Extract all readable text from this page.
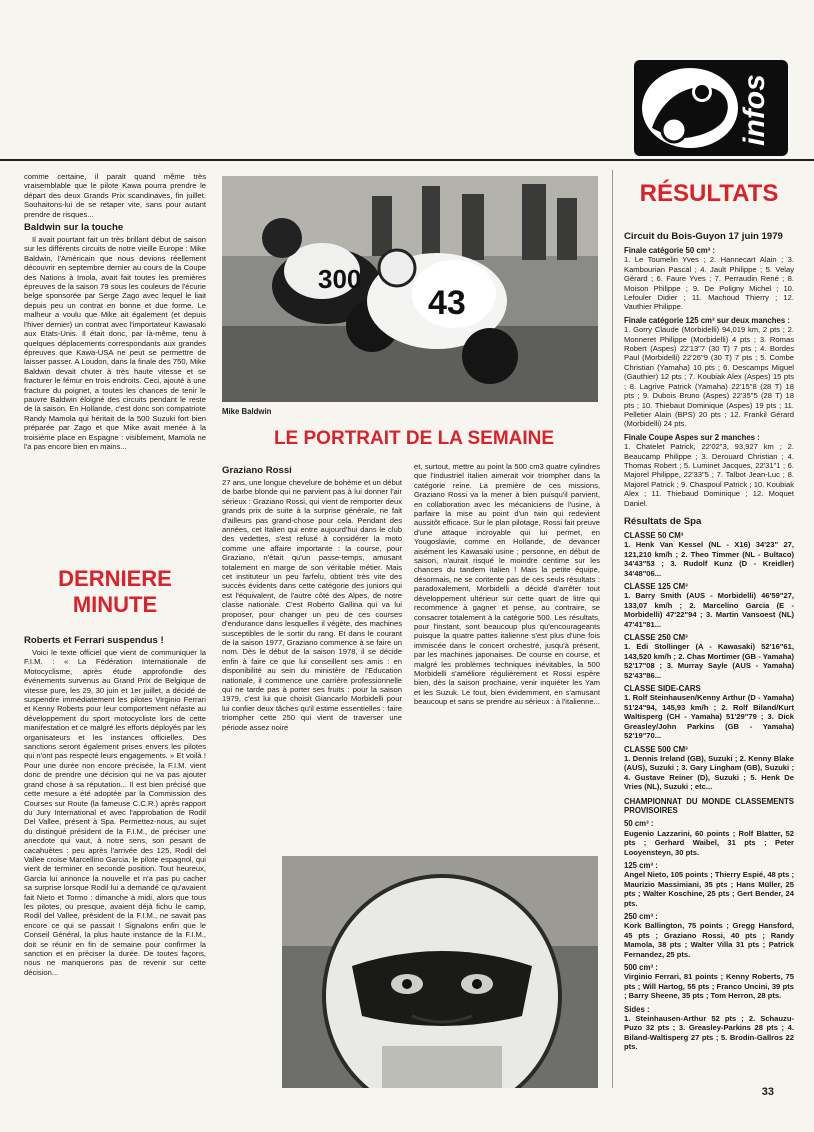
infos

comme certaine, il parait quand même très vraisemblable que le pilote Kawa pourra prendre le départ des deux Grands Prix scandinaves, fin juillet. Souhaitons-lui de se retaper vite, sans pour autant prendre de risques...

Baldwin sur la touche

Il avait pourtant fait un très brillant début de saison sur les différents circuits de notre vieille Europe : Mike Baldwin, l'Américain que nous devions réellement découvrir en septembre dernier au cours de la Coupe des Nations à Imola, avait fait toutes les premières épreuves de la saison 79 sous les couleurs de l'écurie belge sponsorée par Serge Zago avec lequel le liait depuis peu un contrat en bonne et due forme. Le malheur a voulu que Mike ait également (et depuis l'hiver dernier) un contrat avec l'importateur Kawasaki aux Etats-Unis. Il était donc, par là-même, tenu à quelques déplacements correspondants aux grandes épreuves que Kawa-USA ne peut se permettre de laisser passer. A Loudon, dans la finale des 750, Mike Baldwin devait chuter à très haute vitesse et se fracturer le fémur en trois endroits. Ceci, ajouté à une fracture du poignet, a toutes les chances de tenir le pauvre Baldwin éloigné des circuits pendant le reste de la saison. En Hollande, c'est donc son compatriote Randy Mamola qui héritait de la 500 Suzuki fort bien préparée par Zago et que Mike avait menée à la troisième place en Espagne : visiblement, Mamola ne l'a pas encore bien en mains...

DERNIERE MINUTE
Roberts et Ferrari suspendus !

Voici le texte officiel que vient de communiquer la F.I.M. : « La Fédération Internationale de Motocyclisme, après étude approfondie des événements survenus au Grand Prix de Belgique de vitesse pure, les 29, 30 juin et 1er juillet, a décidé de suspendre immédiatement les pilotes Virginio Ferrari et Kenny Roberts pour leur comportement néfaste au développement du sport motocycliste lors de cette manifestation et ce malgré les efforts déployés par les organisateurs et les instances officielles. Des sanctions seront également prises envers les pilotes qui n'ont pas respecté leurs engagements. » Et voilà ! Pour une durée non encore précisée, la F.I.M. vient donc de prendre une décision qui ne va pas ajouter grand chose à sa réputation... Il est bien précisé que cette mesure a été adoptée par la Commission des Courses sur Route (la fameuse C.C.R.) après rapport du Jury International et avec l'approbation de Rodil Del Vallee, présent à Spa. Permettez-nous, au sujet du distingué président de la F.I.M., de préciser une anecdote qui vaut, à notre sens, son pesant de cacahuètes : peu après l'arrivée des 125, Rodil del Vallee croise Marcellino Garcia, le pilote espagnol, qui vient de terminer en seconde position. Tout heureux, Garcia lui annonce la nouvelle et n'a pas pu cacher sa surprise lorsque Rodil lui a demandé ce qu'avaient fait Nieto et Tormo : dimanche à midi, alors que tous les pilotes, ou presque, avaient déjà fichu le camp, Rodil del Vallee, président de la F.I.M., ne savait pas encore ce qui se passait ! Signalons enfin que le Conseil Général, la plus haute instance de la F.I.M., doit se réunir en fin de semaine pour confirmer la sanction et en préciser la durée. De toutes façons, nous ne manquerons pas de revenir sur cette décision...

300
43
Mike Baldwin
LE PORTRAIT DE LA SEMAINE
Graziano Rossi

27 ans, une longue chevelure de bohème et un début de barbe blonde qui ne parvient pas à lui donner l'air sérieux : Graziano Rossi, qui vient de remporter deux grands prix de suite à la surprise générale, ne fait d'ailleurs pas grand-chose pour cela. Pendant des années, cet Italien qui entre aujourd'hui dans le club des vedettes, s'est refusé à considérer la moto comme une affaire importante : la course, pour Graziano, n'était qu'un passe-temps, amusant totalement en marge de son véritable métier. Mais cet instituteur un peu farfelu, obtient très vite des succès évidents dans cette catégorie des juniors qui est l'équivalent, de l'autre côté des Alpes, de notre classe nationale. C'est Roberto Gallina qui va lui proposer, pour changer un peu de ces courses d'endurance dans lesquelles il végète, des machines susceptibles de le sortir du rang. Et dans le courant de la saison 1977, Graziano commence à se faire un nom. Dès le début de la saison 1978, il se décide enfin à faire ce que lui conseillent ses amis : en disponibilité au sein du ministère de l'Education nationale, il commence une carrière professionnelle qui ne tarde pas à porter ses fruits : pour la saison 1979, c'est lui que choisit Giancarlo Morbidelli pour lui confier deux tâches qu'il estime essentielles : faire triompher cette 250 qui vient de traverser une période assez noire

et, surtout, mettre au point la 500 cm3 quatre cylindres que l'industriel italien aimerait voir triompher dans la catégorie reine. La première de ces missions, Graziano Rossi va la mener à bien puisqu'il parvient, en collaboration avec les mécaniciens de l'usine, à parfaire la mise au point d'un twin qui redevient aussitôt efficace. Sur le plan pilotage, Rossi fait preuve d'une attaque incroyable qui lui permet, en Yougoslavie, comme en Hollande, de devancer aisément les Kawasaki usine ; personne, en début de saison, n'aurait risqué le moindre centime sur les chances du tandem italien ! Mais la petite équipe, désormais, ne se contente pas de ces seuls résultats : paradoxalement, Morbidelli a décidé d'arrêter tout développement ultérieur sur cette quart de litre qui recommence à gagner et pense, au contraire, se consacrer totalement à la catégorie 500. Les résultats, pour l'instant, sont beaucoup plus qu'encourageants puisque la quatre pattes italienne s'est plus d'une fois immiscée dans le concert orchestré, jusqu'à présent, par les machines japonaises. De course en course, et malgré les problèmes techniques inévitables, la 500 Morbidelli s'améliore régulièrement et Rossi espère bien, dès la saison prochaine, venir inquiéter les Yam et les Suzuk. Le tout, bien évidemment, en s'amusant beaucoup et sans se prendre au sérieux : à l'italienne...

RÉSULTATS
Circuit du Bois-Guyon 17 juin 1979
Finale catégorie 50 cm³ :

1. Le Toumelin Yves ; 2. Hannecart Alain ; 3. Kambourian Pascal ; 4. Jault Philippe ; 5. Velay Gérard ; 6. Faure Yves ; 7. Perraudin René ; 8. Moison Philippe ; 9. De Poligny Michel ; 10. Lefouler Didier ; 11. Machoud Thierry ; 12. Vauthier Philippe.

Finale catégorie 125 cm³ sur deux manches :

1. Gorry Claude (Morbidelli) 94,019 km, 2 pts ; 2. Monneret Philippe (Morbidelli) 4 pts ; 3. Romas Robert (Aspes) 22'13"7 (30 T) 7 pts ; 4. Bordes Paul (Morbidelli) 22'26"9 (30 T) 7 pts ; 5. Combe Christian (Yamaha) 10 pts ; 6. Descamps Miguel (Gauthier) 12 pts ; 7. Koubiak Alex (Aspes) 15 pts ; 8. Lagrive Patrick (Yamaha) 22'15"8 (28 T) 18 pts ; 9. Dubois Bruno (Aspes) 22'35"5 (28 T) 18 pts ; 10. Thiebaut Dominique (Aspes) 19 pts ; 11. Pelletier Alain (BPS) 20 pts ; 12. Frankil Gérard (Morbidelli) 24 pts.

Finale Coupe Aspes sur 2 manches :

1. Chatelet Patrick, 22'02"3, 93,927 km ; 2. Beaucamp Philippe ; 3. Derouard Christian ; 4. Thomas Robert ; 5. Luminet Jacques, 22'31"1 ; 6. Majorel Philippe, 22'33"5 ; 7. Talbot Jean-Luc ; 8. Majorel Patrick ; 9. Chaspoul Patrick ; 10. Koubiak Alex ; 11. Thiebaud Dominique ; 12. Moquet Daniel.

Résultats de Spa
CLASSE 50 CM³

1. Henk Van Kessel (NL - X16) 34'23" 27, 121,210 km/h ; 2. Theo Timmer (NL - Bultaco) 34'43"53 ; 3. Rudolf Kunz (D - Kreidler) 34'48"06...

CLASSE 125 CM³

1. Barry Smith (AUS - Morbidelli) 46'59"27, 133,07 km/h ; 2. Marcelino Garcia (E - Morbidelli) 47'22"94 ; 3. Martin Vansoest (NL) 47'41"81...

CLASSE 250 CM³

1. Edi Stollinger (A - Kawasaki) 52'16"61, 143,520 km/h ; 2. Chas Mortimer (GB - Yamaha) 52'17"08 ; 3. Murray Sayle (AUS - Yamaha) 52'43"86...

CLASSE SIDE-CARS

1. Rolf Steinhausen/Kenny Arthur (D - Yamaha) 51'24"94, 145,93 km/h ; 2. Rolf Biland/Kurt Waltisperg (CH - Yamaha) 51'29"79 ; 3. Dick Greasley/John Parkins (GB - Yamaha) 52'19"70...

CLASSE 500 CM³

1. Dennis Ireland (GB), Suzuki ; 2. Kenny Blake (AUS), Suzuki ; 3. Gary Lingham (GB), Suzuki ; 4. Gustave Reiner (D), Suzuki ; 5. Henk De Vries (NL), Suzuki ; etc...

CHAMPIONNAT DU MONDE CLASSEMENTS PROVISOIRES
50 cm³ :

Eugenio Lazzarini, 60 points ; Rolf Blatter, 52 pts ; Gerhard Waibel, 31 pts ; Peter Looyensteyn, 30 pts.

125 cm³ :

Angel Nieto, 105 points ; Thierry Espié, 48 pts ; Maurizio Massimiani, 35 pts ; Hans Müller, 25 pts ; Walter Koschine, 25 pts ; Gert Bender, 24 pts.

250 cm³ :

Kork Ballington, 75 points ; Gregg Hansford, 45 pts ; Graziano Rossi, 40 pts ; Randy Mamola, 38 pts ; Walter Villa 31 pts ; Patrick Fernandez, 25 pts.

500 cm³ :

Virginio Ferrari, 81 points ; Kenny Roberts, 75 pts ; Will Hartog, 55 pts ; Franco Uncini, 39 pts ; Barry Sheene, 35 pts ; Tom Herron, 28 pts.

Sides :

1. Steinhausen-Arthur 52 pts ; 2. Schauzu-Puzo 32 pts ; 3. Greasley-Parkins 28 pts ; 4. Biland-Waltisperg 27 pts ; 5. Brodin-Gallros 22 pts.

33
